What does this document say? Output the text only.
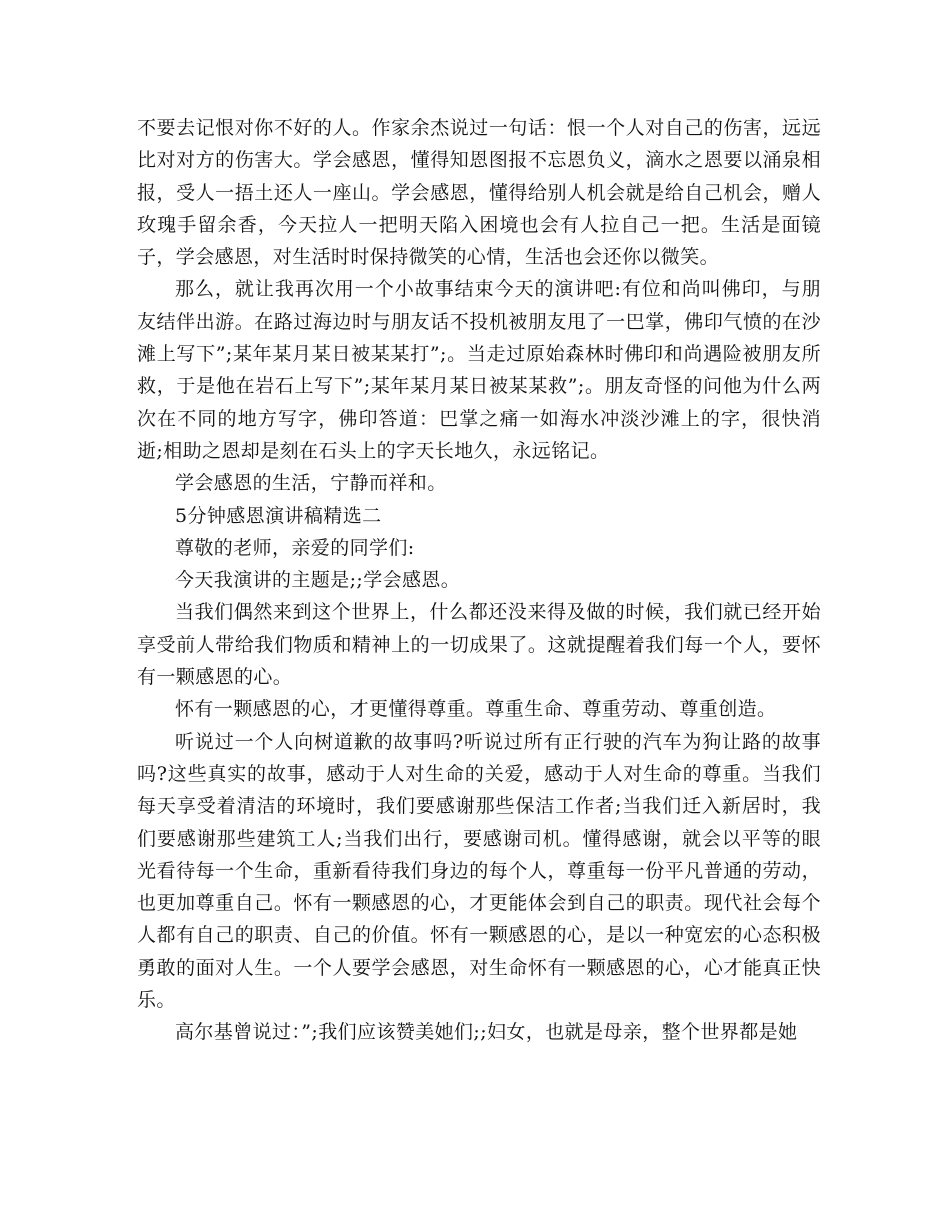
不要去记恨对你不好的人。作家余杰说过一句话：恨一个人对自己的伤害，远远比对对方的伤害大。学会感恩，懂得知恩图报不忘恩负义，滴水之恩要以涌泉相报，受人一捂土还人一座山。学会感恩，懂得给别人机会就是给自己机会，赠人玫瑰手留余香，今天拉人一把明天陷入困境也会有人拉自己一把。生活是面镜子，学会感恩，对生活时时保持微笑的心情，生活也会还你以微笑。

那么，就让我再次用一个小故事结束今天的演讲吧:有位和尚叫佛印，与朋友结伴出游。在路过海边时与朋友话不投机被朋友甩了一巴掌，佛印气愤的在沙滩上写下”;某年某月某日被某某打”;。当走过原始森林时佛印和尚遇险被朋友所救，于是他在岩石上写下”;某年某月某日被某某救”;。朋友奇怪的问他为什么两次在不同的地方写字，佛印答道：巴掌之痛一如海水冲淡沙滩上的字，很快消逝;相助之恩却是刻在石头上的字天长地久，永远铭记。

学会感恩的生活，宁静而祥和。

5分钟感恩演讲稿精选二

尊敬的老师，亲爱的同学们:

今天我演讲的主题是;;学会感恩。

当我们偶然来到这个世界上，什么都还没来得及做的时候，我们就已经开始享受前人带给我们物质和精神上的一切成果了。这就提醒着我们每一个人，要怀有一颗感恩的心。

怀有一颗感恩的心，才更懂得尊重。尊重生命、尊重劳动、尊重创造。

听说过一个人向树道歉的故事吗?听说过所有正行驶的汽车为狗让路的故事吗?这些真实的故事，感动于人对生命的关爱，感动于人对生命的尊重。当我们每天享受着清洁的环境时，我们要感谢那些保洁工作者;当我们迁入新居时，我们要感谢那些建筑工人;当我们出行，要感谢司机。懂得感谢，就会以平等的眼光看待每一个生命，重新看待我们身边的每个人，尊重每一份平凡普通的劳动，也更加尊重自己。怀有一颗感恩的心，才更能体会到自己的职责。现代社会每个人都有自己的职责、自己的价值。怀有一颗感恩的心，是以一种宽宏的心态积极勇敢的面对人生。一个人要学会感恩，对生命怀有一颗感恩的心，心才能真正快乐。

高尔基曾说过：”;我们应该赞美她们;;妇女，也就是母亲，整个世界都是她
